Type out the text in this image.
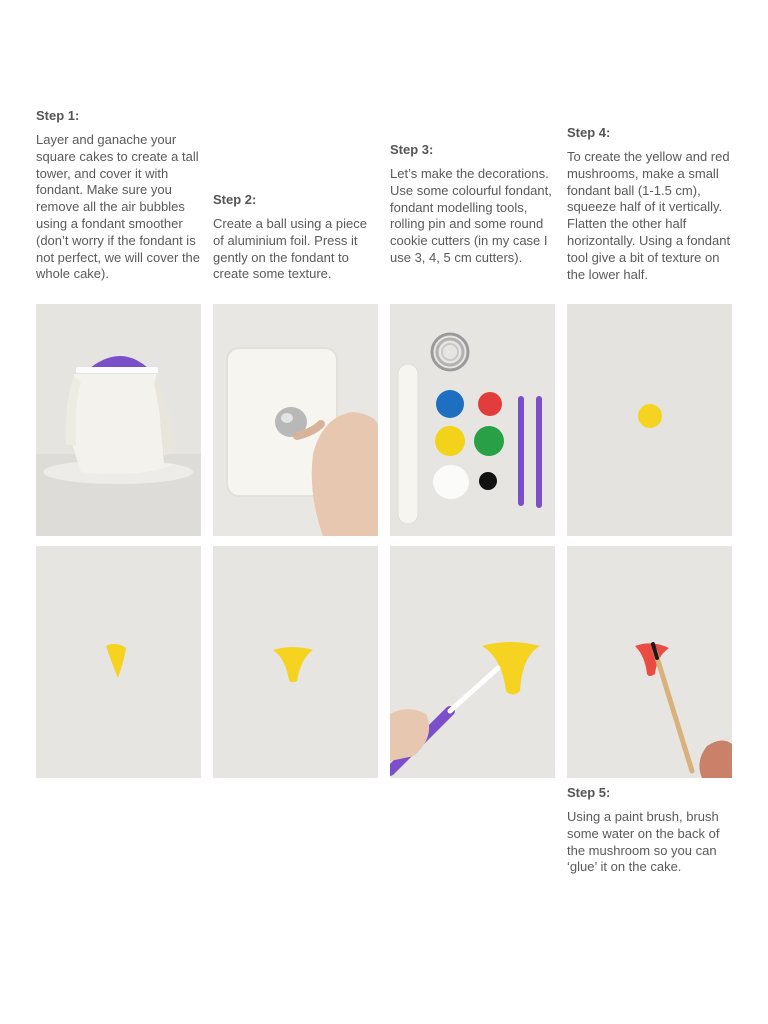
Step 1:

Layer and ganache your square cakes to create a tall tower, and cover it with fondant. Make sure you remove all the air bubbles using a fondant smoother (don’t worry if the fondant is not perfect, we will cover the whole cake).

Step 2:

Create a ball using a piece of aluminium foil. Press it gently on the fondant to create some texture.

Step 3:

Let’s make the decorations. Use some colourful fondant, fondant modelling tools, rolling pin and some round cookie cutters (in my case I use 3, 4, 5 cm cutters).

Step 4:

To create the yellow and red mushrooms, make a small fondant ball (1-1.5 cm), squeeze half of it vertically. Flatten the other half horizontally. Using a fondant tool give a bit of texture on the lower half.

Step 5:

Using a paint brush, brush some water on the back of the mushroom so you can ‘glue’ it on the cake.
